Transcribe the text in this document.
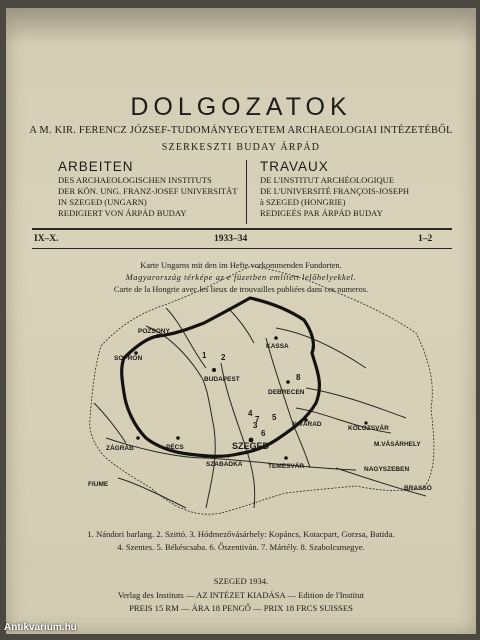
DOLGOZATOK
A M. KIR. FERENCZ JÓZSEF-TUDOMÁNYEGYETEM ARCHAEOLOGIAI INTÉZETÉBŐL
SZERKESZTI BUDAY ÁRPÁD
ARBEITEN
DES ARCHAEOLOGISCHEN INSTITUTS
DER KÖN. UNG. FRANZ-JOSEF UNIVERSITÄT
IN SZEGED (UNGARN)
REDIGIERT VON ÁRPÁD BUDAY
TRAVAUX
DE L'INSTITUT ARCHÉOLOGIQUE
DE L'UNIVERSITÉ FRANÇOIS-JOSEPH
à SZEGED (HONGRIE)
REDIGEÉS PAR ÁRPÁD BUDAY
IX–X.	1933–34	1–2
Karte Ungarns mit den im Hefte vorkommenden Fundorten.
Magyarország térképe az e füzetben említett lelőhelyekkel.
Carte de la Hongrie avec les lieux de trouvailles publiées dans ces numeros.
POZSONY
SOPRON
BUDAPEST
KASSA
DEBRECEN
ZÁGRÁB	PÉCS	SZEGED
SZABADKA	TEMESVÁR
FIUME
N.VÁRAD
KOLOZSVÁR
M.VÁSÁRHELY
NAGYSZEBEN
BRASSÓ
1 2
3
4 5
6
7
8
1. Nándori barlang. 2. Szittó. 3. Hódmezővásárhely: Kopáncs, Kotacpart, Gorzsa, Batida.
4. Szentes. 5. Békéscsaba. 6. Őszentiván. 7. Mártély. 8. Szabolcsmegye.
SZEGED 1934.
Verlag des Instituts — AZ INTÉZET KIADÁSA — Edition de l'Institut
PREIS 15 RM — ÁRA 18 PENGŐ — PRIX 18 FRCS SUISSES
Antikvarium.hu
